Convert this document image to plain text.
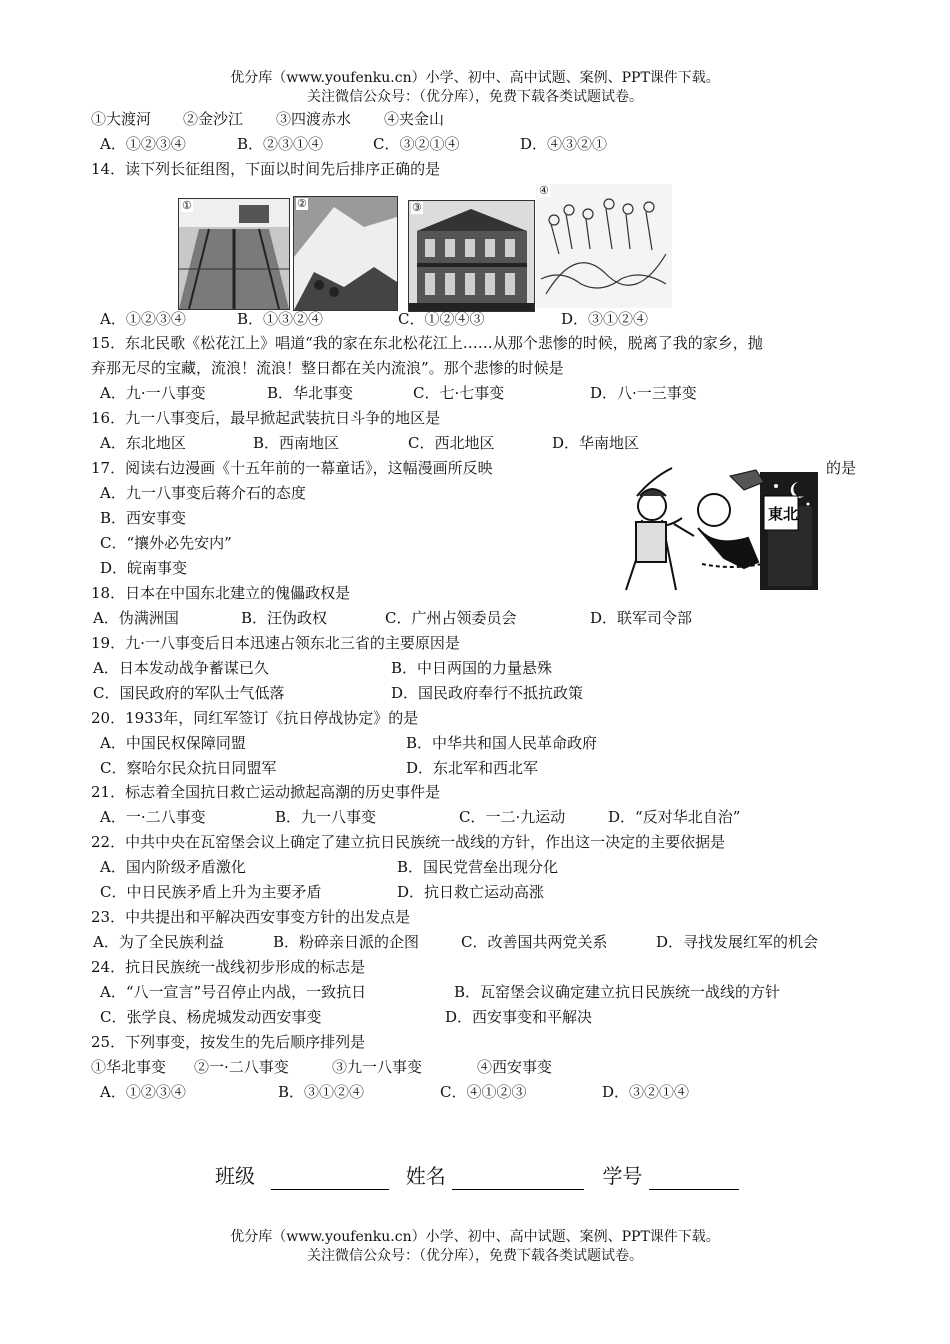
优分库（www.youfenku.cn）小学、初中、高中试题、案例、PPT课件下载。
关注微信公众号：（优分库），免费下载各类试题试卷。
①大渡河 ②金沙江 ③四渡赤水 ④夹金山
A．①②③④	B．②③①④	C．③②①④	D．④③②①
14．读下列长征组图，下面以时间先后排序正确的是
①	②	③
④
A．①②③④	B．①③②④	C．①②④③	D．③①②④
15．东北民歌《松花江上》唱道“我的家在东北松花江上……从那个悲惨的时候，脱离了我的家乡，抛
弃那无尽的宝藏，流浪！流浪！整日都在关内流浪”。那个悲惨的时候是
A．九·一八事变	B．华北事变	C．七·七事变	D．八·一三事变
16．九一八事变后，最早掀起武装抗日斗争的地区是
A．东北地区	B．西南地区	C．西北地区	D．华南地区
17．阅读右边漫画《十五年前的一幕童话》，这幅漫画所反映	的是
A．九一八事变后蒋介石的态度
B．西安事变
C．“攘外必先安内”
D．皖南事变
東北
18．日本在中国东北建立的傀儡政权是
A．伪满洲国	B．汪伪政权	C．广州占领委员会	D．联军司令部
19．九·一八事变后日本迅速占领东北三省的主要原因是
A．日本发动战争蓄谋已久	B．中日两国的力量悬殊
C．国民政府的军队士气低落	D．国民政府奉行不抵抗政策
20．1933年，同红军签订《抗日停战协定》的是
A．中国民权保障同盟	B．中华共和国人民革命政府
C．察哈尔民众抗日同盟军	D．东北军和西北军
21．标志着全国抗日救亡运动掀起高潮的历史事件是
A．一·二八事变	B．九一八事变	C．一二·九运动	D．“反对华北自治”
22．中共中央在瓦窑堡会议上确定了建立抗日民族统一战线的方针，作出这一决定的主要依据是
A．国内阶级矛盾激化	B．国民党营垒出现分化
C．中日民族矛盾上升为主要矛盾	D．抗日救亡运动高涨
23．中共提出和平解决西安事变方针的出发点是
A．为了全民族利益	B．粉碎亲日派的企图	C．改善国共两党关系	D．寻找发展红军的机会
24．抗日民族统一战线初步形成的标志是
A．“八一宣言”号召停止内战，一致抗日	B．瓦窑堡会议确定建立抗日民族统一战线的方针
C．张学良、杨虎城发动西安事变	D．西安事变和平解决
25．下列事变，按发生的先后顺序排列是
①华北事变 ②一·二八事变	③九一八事变	④西安事变
A．①②③④	B．③①②④	C．④①②③	D．③②①④
班级	姓名	学号
优分库（www.youfenku.cn）小学、初中、高中试题、案例、PPT课件下载。
关注微信公众号：（优分库），免费下载各类试题试卷。
